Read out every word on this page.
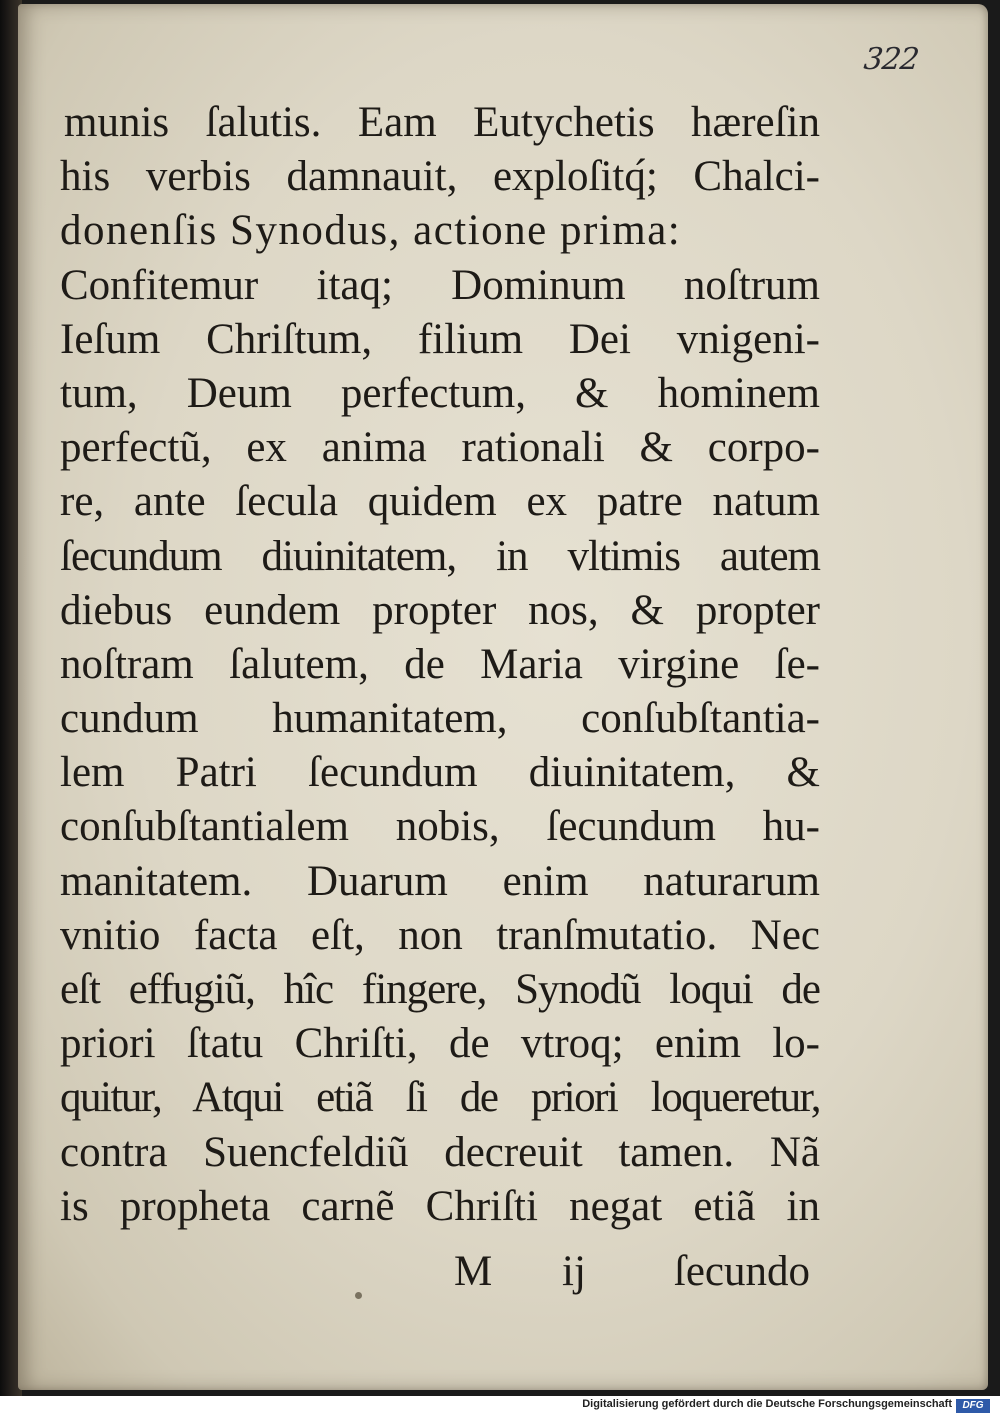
322
munis ſalutis. Eam Eutychetis hæreſin
his verbis damnauit, exploſitq́; Chalci-
donenſis Synodus, actione prima:
Confitemur itaq; Dominum noſtrum
Ieſum Chriſtum, filium Dei vnigeni-
tum, Deum perfectum, & hominem
perfectũ, ex anima rationali & corpo-
re, ante ſecula quidem ex patre natum
ſecundum diuinitatem, in vltimis autem
diebus eundem propter nos, & propter
noſtram ſalutem, de Maria virgine ſe-
cundum humanitatem, conſubſtantia-
lem Patri ſecundum diuinitatem, &
conſubſtantialem nobis, ſecundum hu-
manitatem. Duarum enim naturarum
vnitio facta eſt, non tranſmutatio. Nec
eſt effugiũ, hîc fingere, Synodũ loqui de
priori ſtatu Chriſti, de vtroq; enim lo-
quitur, Atqui etiã ſi de priori loqueretur,
contra Suencfeldiũ decreuit tamen. Nã
is propheta carnẽ Chriſti negat etiã in

M ij ſecundo
Digitalisierung gefördert durch die Deutsche Forschungsgemeinschaft	DFG
